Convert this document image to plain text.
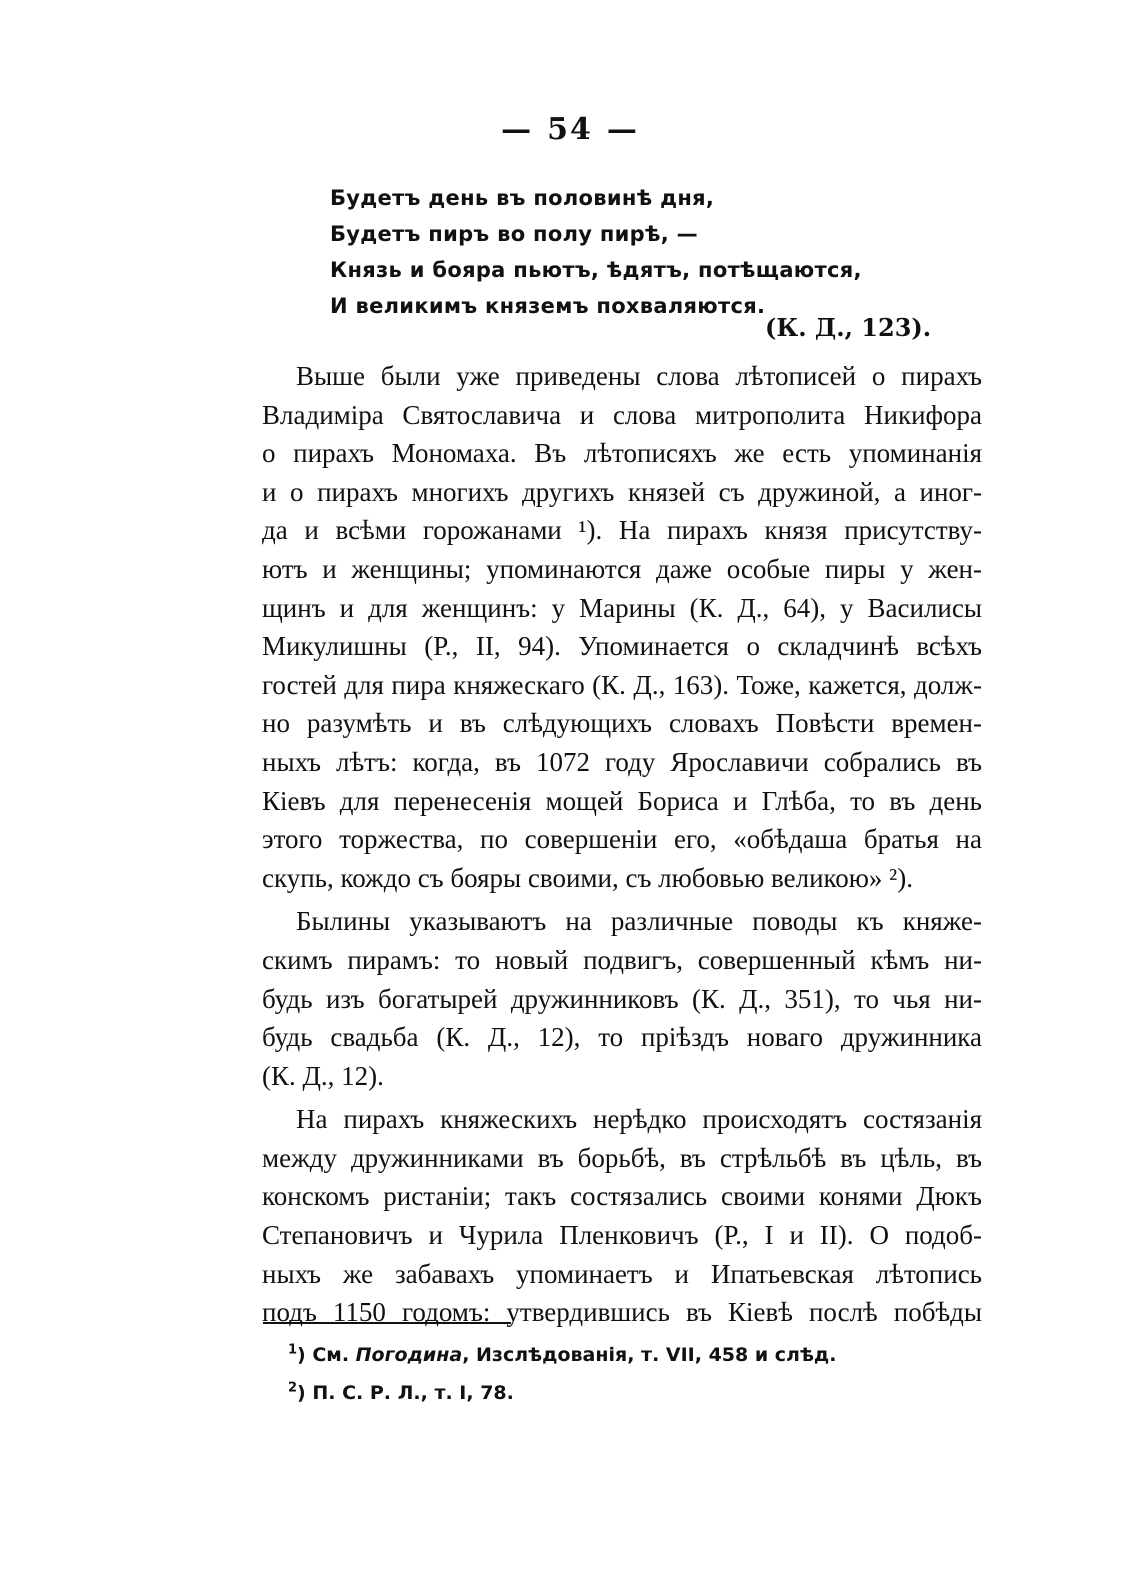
— 54 —
Будетъ день въ половинѣ дня,
Будетъ пиръ во полу пирѣ, —
Князь и бояра пьютъ, ѣдятъ, потѣщаются,
И великимъ княземъ похваляются.
(К. Д., 123).

Выше были уже приведены слова лѣтописей о пирахъ
Владиміра Святославича и слова митрополита Никифора
о пирахъ Мономаха. Въ лѣтописяхъ же есть упоминанія
и о пирахъ многихъ другихъ князей съ дружиной, а иног-
да и всѣми горожанами ¹). На пирахъ князя присутству-
ютъ и женщины; упоминаются даже особые пиры у жен-
щинъ и для женщинъ: у Марины (К. Д., 64), у Василисы
Микулишны (Р., II, 94). Упоминается о складчинѣ всѣхъ
гостей для пира княжескаго (К. Д., 163). Тоже, кажется, долж-
но разумѣть и въ слѣдующихъ словахъ Повѣсти времен-
ныхъ лѣтъ: когда, въ 1072 году Ярославичи собрались въ
Кіевъ для перенесенія мощей Бориса и Глѣба, то въ день
этого торжества, по совершеніи его, «обѣдаша братья на
скупь, кождо съ бояры своими, съ любовью великою» ²).

Былины указываютъ на различные поводы къ княже-
скимъ пирамъ: то новый подвигъ, совершенный кѣмъ ни-
будь изъ богатырей дружинниковъ (К. Д., 351), то чья ни-
будь свадьба (К. Д., 12), то пріѣздъ новаго дружинника
(К. Д., 12).

На пирахъ княжескихъ нерѣдко происходятъ состязанія
между дружинниками въ борьбѣ, въ стрѣльбѣ въ цѣль, въ
конскомъ ристаніи; такъ состязались своими конями Дюкъ
Степановичъ и Чурила Пленковичъ (Р., I и II). О подоб-
ныхъ же забавахъ упоминаетъ и Ипатьевская лѣтопись
подъ 1150 годомъ: утвердившись въ Кіевѣ послѣ побѣды

$^1$) См. Погодина, Изслѣдованія, т. VII, 458 и слѣд.
$^2$) П. С. Р. Л., т. I, 78.
